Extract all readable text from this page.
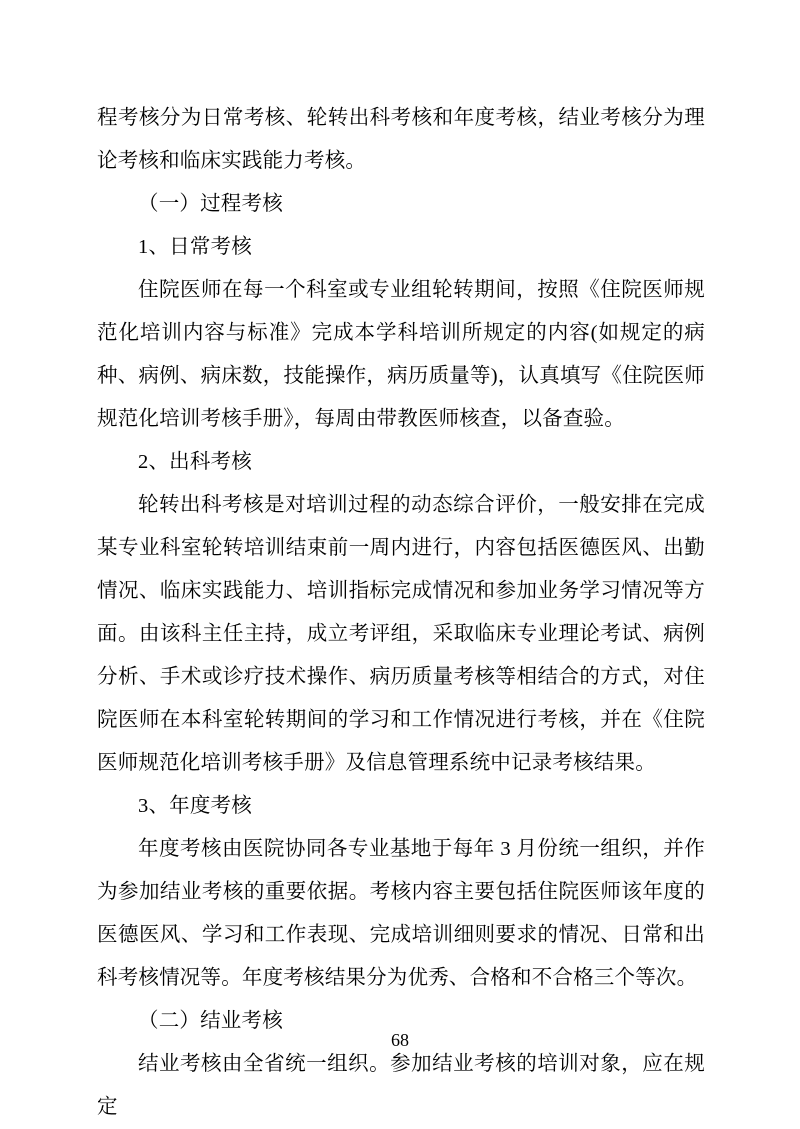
程考核分为日常考核、轮转出科考核和年度考核，结业考核分为理论考核和临床实践能力考核。

（一）过程考核

1、日常考核

住院医师在每一个科室或专业组轮转期间，按照《住院医师规范化培训内容与标准》完成本学科培训所规定的内容(如规定的病种、病例、病床数，技能操作，病历质量等)，认真填写《住院医师规范化培训考核手册》，每周由带教医师核查，以备查验。

2、出科考核

轮转出科考核是对培训过程的动态综合评价，一般安排在完成某专业科室轮转培训结束前一周内进行，内容包括医德医风、出勤情况、临床实践能力、培训指标完成情况和参加业务学习情况等方面。由该科主任主持，成立考评组，采取临床专业理论考试、病例分析、手术或诊疗技术操作、病历质量考核等相结合的方式，对住院医师在本科室轮转期间的学习和工作情况进行考核，并在《住院医师规范化培训考核手册》及信息管理系统中记录考核结果。

3、年度考核

年度考核由医院协同各专业基地于每年 3 月份统一组织，并作为参加结业考核的重要依据。考核内容主要包括住院医师该年度的医德医风、学习和工作表现、完成培训细则要求的情况、日常和出科考核情况等。年度考核结果分为优秀、合格和不合格三个等次。

（二）结业考核

结业考核由全省统一组织。参加结业考核的培训对象，应在规定

68
